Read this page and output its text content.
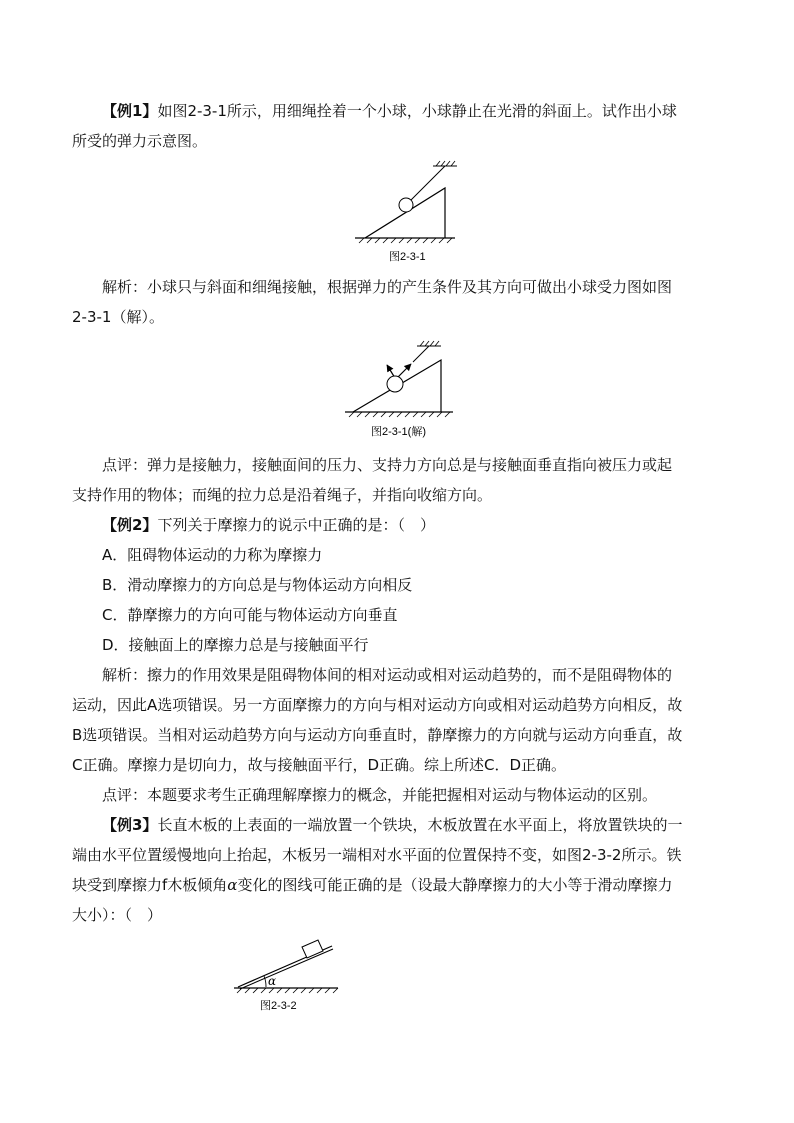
【例1】如图2-3-1所示，用细绳拴着一个小球，小球静止在光滑的斜面上。试作出小球
所受的弹力示意图。
图2-3-1
解析：小球只与斜面和细绳接触，根据弹力的产生条件及其方向可做出小球受力图如图
2-3-1（解）。
图2-3-1(解)
点评：弹力是接触力，接触面间的压力、支持力方向总是与接触面垂直指向被压力或起
支持作用的物体；而绳的拉力总是沿着绳子，并指向收缩方向。
【例2】下列关于摩擦力的说示中正确的是：（　）
A．阻碍物体运动的力称为摩擦力
B．滑动摩擦力的方向总是与物体运动方向相反
C．静摩擦力的方向可能与物体运动方向垂直
D．接触面上的摩擦力总是与接触面平行
解析：擦力的作用效果是阻碍物体间的相对运动或相对运动趋势的，而不是阻碍物体的
运动，因此A选项错误。另一方面摩擦力的方向与相对运动方向或相对运动趋势方向相反，故
B选项错误。当相对运动趋势方向与运动方向垂直时，静摩擦力的方向就与运动方向垂直，故
C正确。摩擦力是切向力，故与接触面平行，D正确。综上所述C．D正确。
点评：本题要求考生正确理解摩擦力的概念，并能把握相对运动与物体运动的区别。
【例3】长直木板的上表面的一端放置一个铁块，木板放置在水平面上，将放置铁块的一
端由水平位置缓慢地向上抬起，木板另一端相对水平面的位置保持不变，如图2-3-2所示。铁
块受到摩擦力f木板倾角α变化的图线可能正确的是（设最大静摩擦力的大小等于滑动摩擦力
大小）：（　）
α
图2-3-2
